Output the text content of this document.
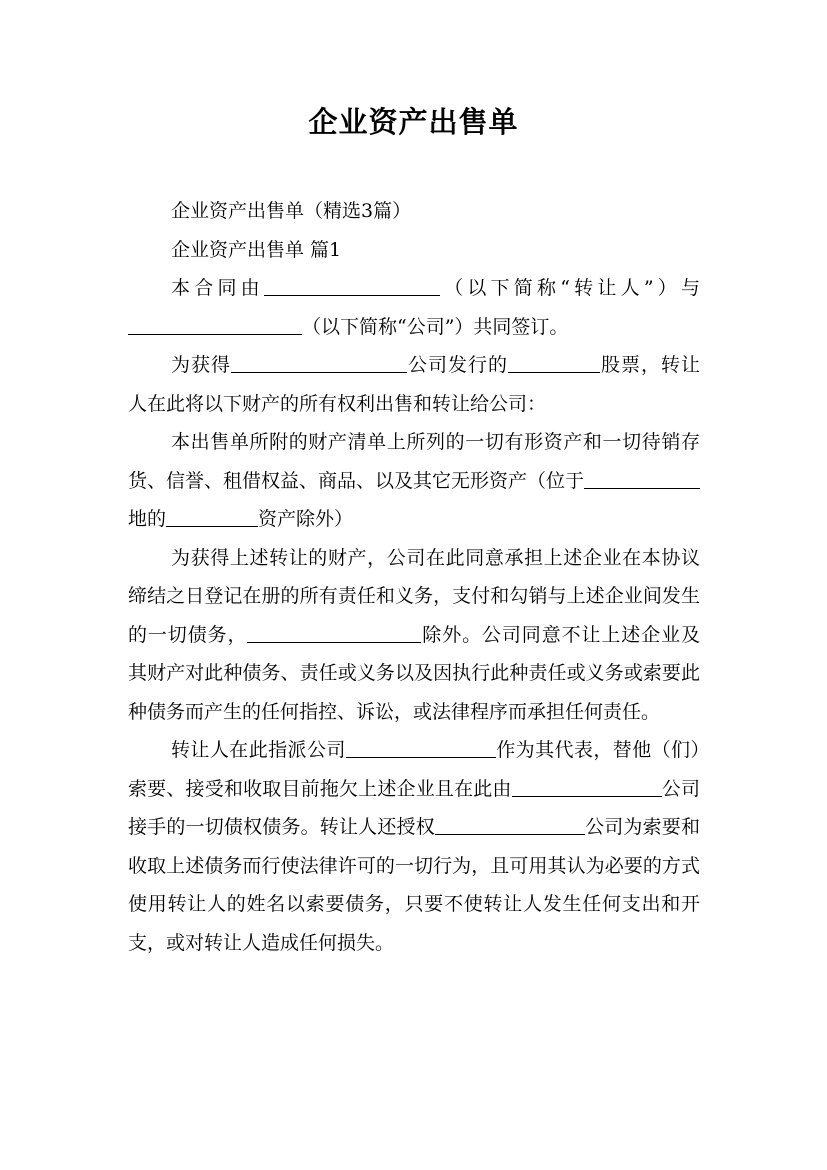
企业资产出售单

企业资产出售单（精选3篇）

企业资产出售单 篇1

本合同由	（以下简称“转让人”）与（以下简称“公司”）共同签订。

为获得	公司发行的	股票，转让人在此将以下财产的所有权利出售和转让给公司：

本出售单所附的财产清单上所列的一切有形资产和一切待销存货、信誉、租借权益、商品、以及其它无形资产（位于地的	资产除外）

为获得上述转让的财产，公司在此同意承担上述企业在本协议缔结之日登记在册的所有责任和义务，支付和勾销与上述企业间发生的一切债务，	除外。公司同意不让上述企业及其财产对此种债务、责任或义务以及因执行此种责任或义务或索要此种债务而产生的任何指控、诉讼，或法律程序而承担任何责任。

转让人在此指派公司	作为其代表，替他（们）索要、接受和收取目前拖欠上述企业且在此由	公司接手的一切债权债务。转让人还授权	公司为索要和收取上述债务而行使法律许可的一切行为，且可用其认为必要的方式使用转让人的姓名以索要债务，只要不使转让人发生任何支出和开支，或对转让人造成任何损失。
